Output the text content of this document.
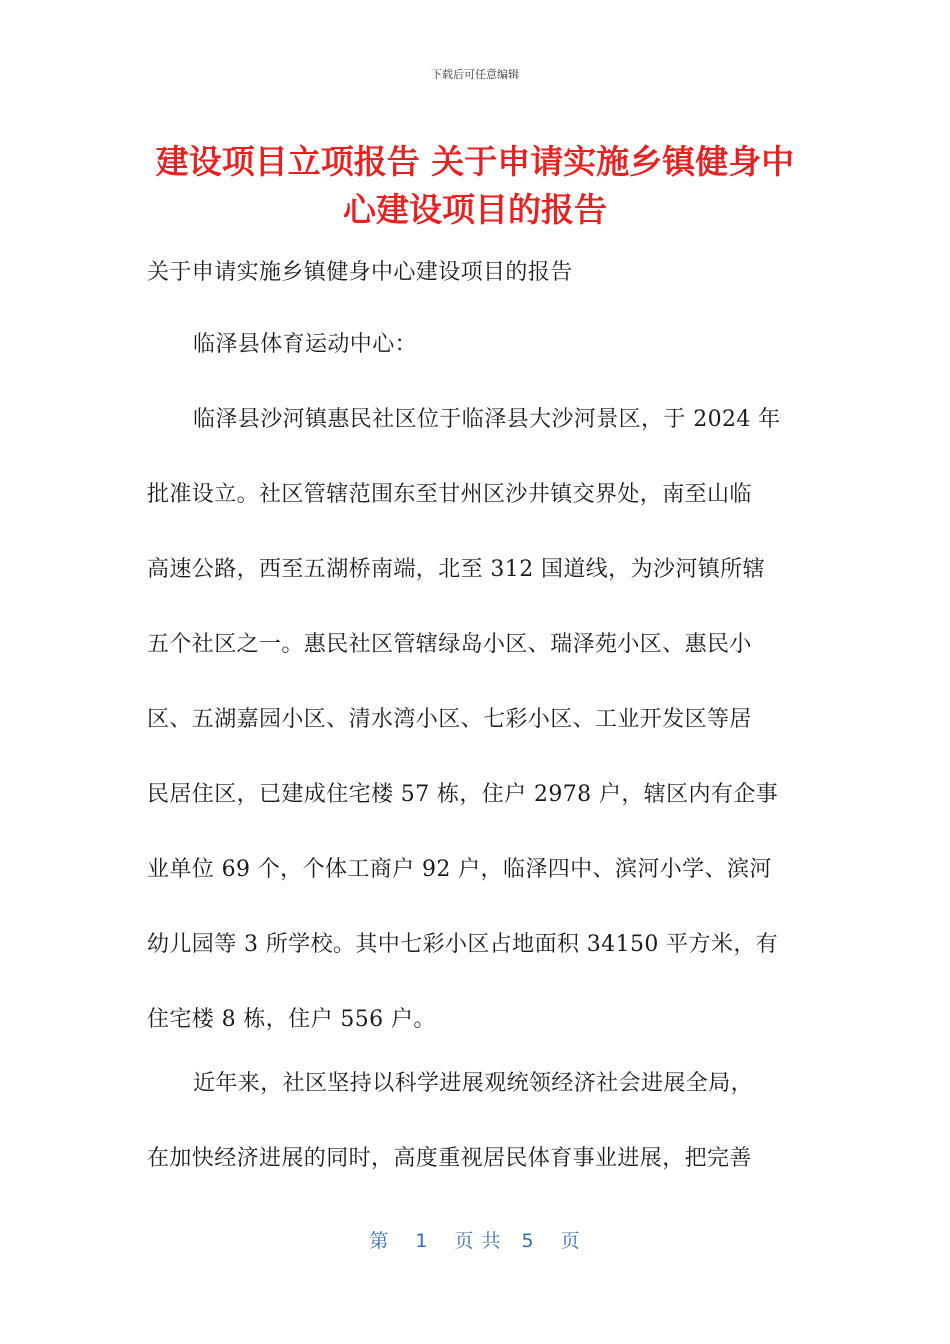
下载后可任意编辑
建设项目立项报告 关于申请实施乡镇健身中
心建设项目的报告

关于申请实施乡镇健身中心建设项目的报告

临泽县体育运动中心：

临泽县沙河镇惠民社区位于临泽县大沙河景区，于 2024 年
批准设立。社区管辖范围东至甘州区沙井镇交界处，南至山临
高速公路，西至五湖桥南端，北至 312 国道线，为沙河镇所辖
五个社区之一。惠民社区管辖绿岛小区、瑞泽苑小区、惠民小
区、五湖嘉园小区、清水湾小区、七彩小区、工业开发区等居
民居住区，已建成住宅楼 57 栋，住户 2978 户，辖区内有企事
业单位 69 个，个体工商户 92 户，临泽四中、滨河小学、滨河
幼儿园等 3 所学校。其中七彩小区占地面积 34150 平方米，有
住宅楼 8 栋，住户 556 户。

近年来，社区坚持以科学进展观统领经济社会进展全局，
在加快经济进展的同时，高度重视居民体育事业进展，把完善

第 1 页 共 5 页
